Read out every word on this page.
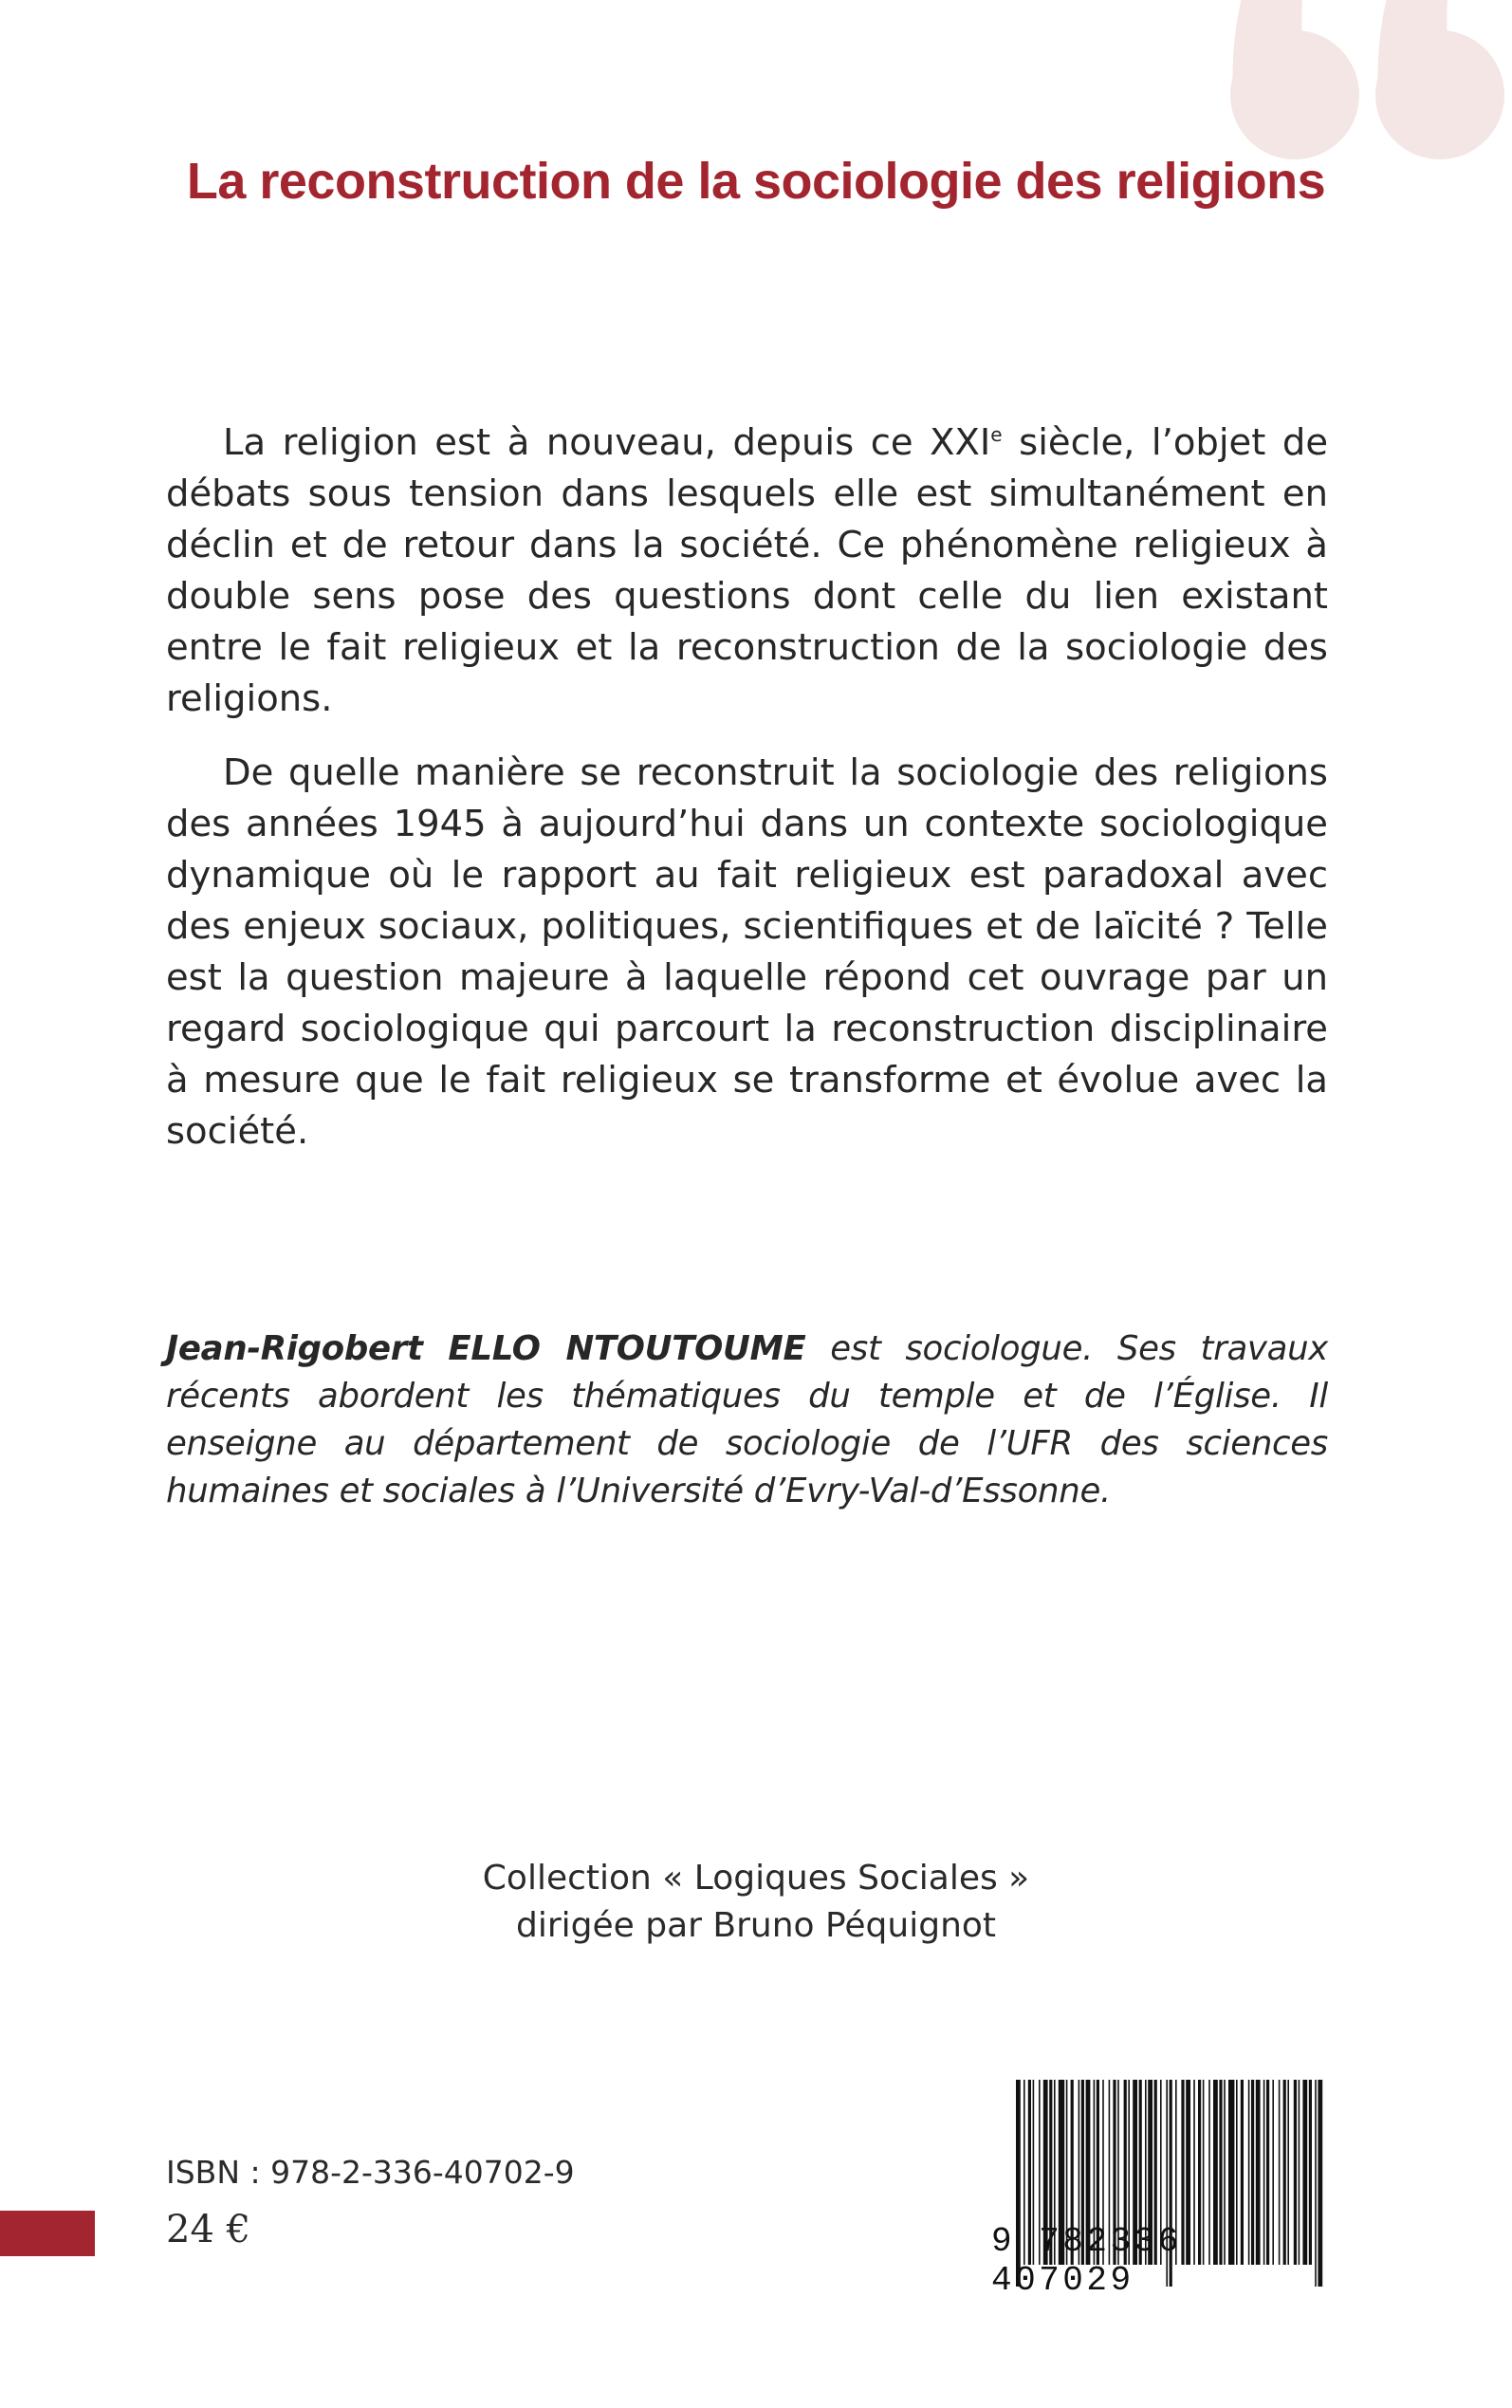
La reconstruction de la sociologie des religions

La religion est à nouveau, depuis ce XXIe siècle, l’objet de débats sous tension dans lesquels elle est simultanément en déclin et de retour dans la société. Ce phénomène religieux à double sens pose des questions dont celle du lien existant entre le fait religieux et la reconstruction de la sociologie des religions.

De quelle manière se reconstruit la sociologie des religions des années 1945 à aujourd’hui dans un contexte sociologique dynamique où le rapport au fait religieux est paradoxal avec des enjeux sociaux, politiques, scientifiques et de laïcité ? Telle est la question majeure à laquelle répond cet ouvrage par un regard sociologique qui parcourt la reconstruction disciplinaire à mesure que le fait religieux se transforme et évolue avec la société.

Jean-Rigobert ELLO NTOUTOUME est sociologue. Ses travaux récents abordent les thématiques du temple et de l’Église. Il enseigne au département de sociologie de l’UFR des sciences humaines et sociales à l’Université d’Evry-Val-d’Essonne.

Collection « Logiques Sociales »
dirigée par Bruno Péquignot
ISBN : 978-2-336-40702-9
24 €	9 782336 407029
